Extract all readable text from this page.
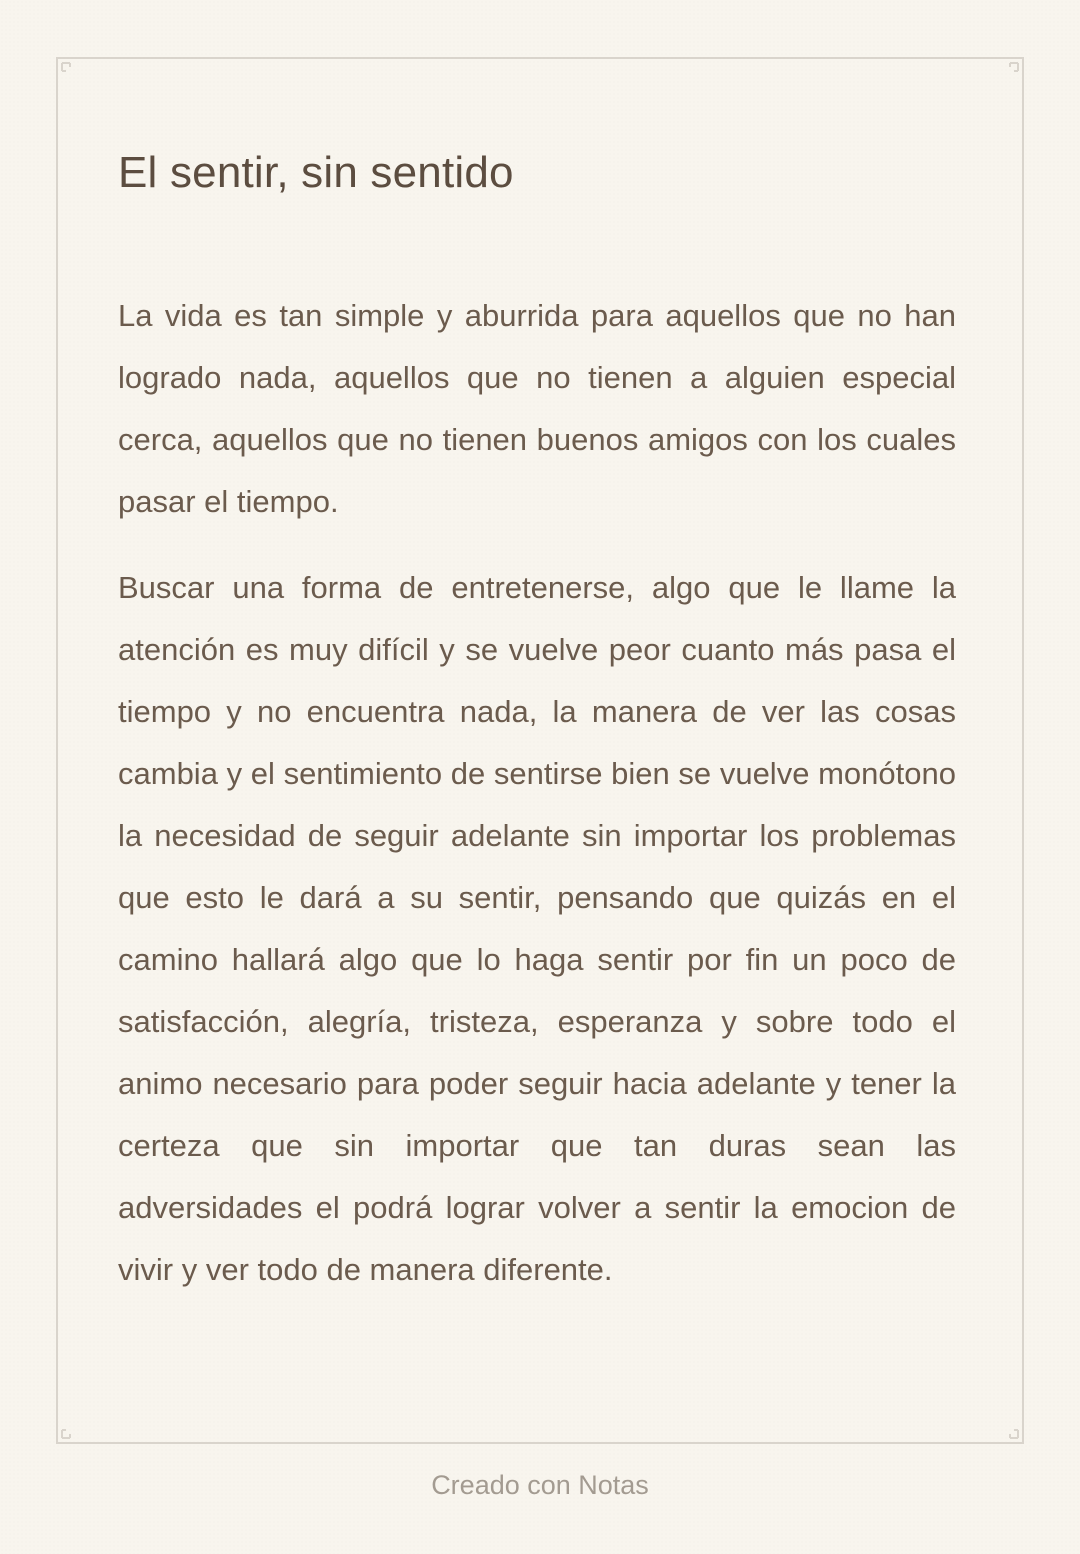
El sentir, sin sentido

La vida es tan simple y aburrida para aquellos que no han logrado nada, aquellos que no tienen a alguien especial cerca, aquellos que no tienen buenos amigos con los cuales pasar el tiempo.

Buscar una forma de entretenerse, algo que le llame la atención es muy difícil y se vuelve peor cuanto más pasa el tiempo y no encuentra nada, la manera de ver las cosas cambia y el sentimiento de sentirse bien se vuelve monótono la necesidad de seguir adelante sin importar los problemas que esto le dará a su sentir, pensando que quizás en el camino hallará algo que lo haga sentir por fin un poco de satisfacción, alegría, tristeza, esperanza y sobre todo el animo necesario para poder seguir hacia adelante y tener la certeza que sin importar que tan duras sean las adversidades el podrá lograr volver a sentir la emocion de vivir y ver todo de manera diferente.

Creado con Notas
